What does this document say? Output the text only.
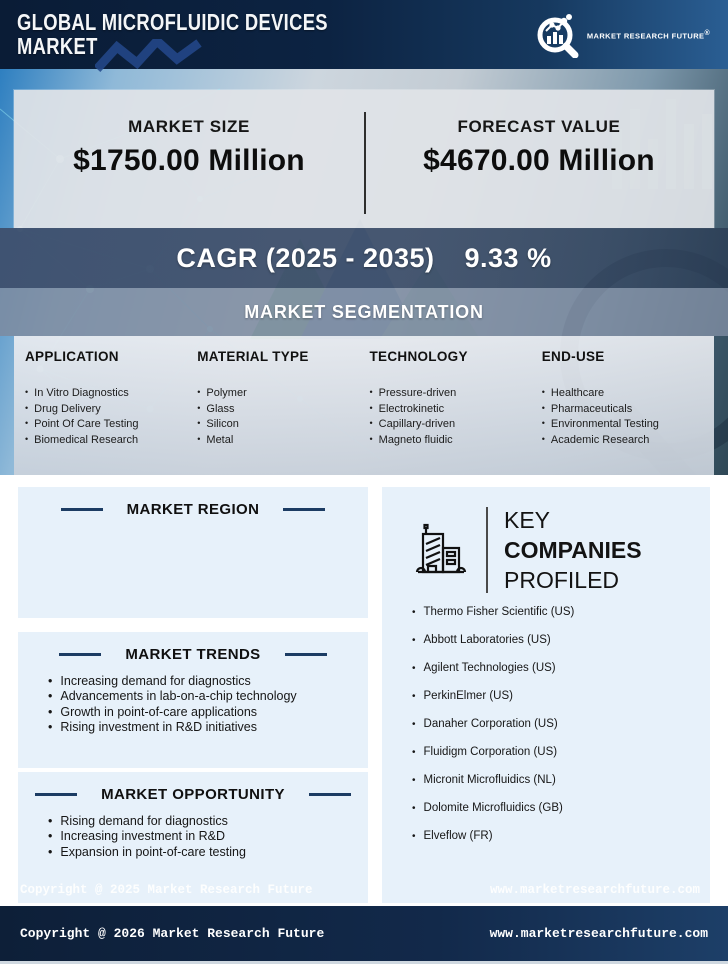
GLOBAL MICROFLUIDIC DEVICES
MARKET	MARKET RESEARCH FUTURE®
MARKET SIZE
$1750.00 Million
FORECAST VALUE
$4670.00 Million
CAGR (2025 - 2035) 9.33 %
MARKET SEGMENTATION
APPLICATION
• In Vitro Diagnostics
• Drug Delivery
• Point Of Care Testing
• Biomedical Research
MATERIAL TYPE
• Polymer
• Glass
• Silicon
• Metal
TECHNOLOGY
• Pressure-driven
• Electrokinetic
• Capillary-driven
• Magneto fluidic
END-USE
• Healthcare
• Pharmaceuticals
• Environmental Testing
• Academic Research
MARKET REGION
MARKET TRENDS
• Increasing demand for diagnostics
• Advancements in lab-on-a-chip technology
• Growth in point-of-care applications
• Rising investment in R&D initiatives
MARKET OPPORTUNITY
• Rising demand for diagnostics
• Increasing investment in R&D
• Expansion in point-of-care testing
KEY
COMPANIES
PROFILED
• Thermo Fisher Scientific (US)
• Abbott Laboratories (US)
• Agilent Technologies (US)
• PerkinElmer (US)
• Danaher Corporation (US)
• Fluidigm Corporation (US)
• Micronit Microfluidics (NL)
• Dolomite Microfluidics (GB)
• Elveflow (FR)
Copyright @ 2025 Market Research Future	www.marketresearchfuture.com
Copyright @ 2026 Market Research Future	www.marketresearchfuture.com
